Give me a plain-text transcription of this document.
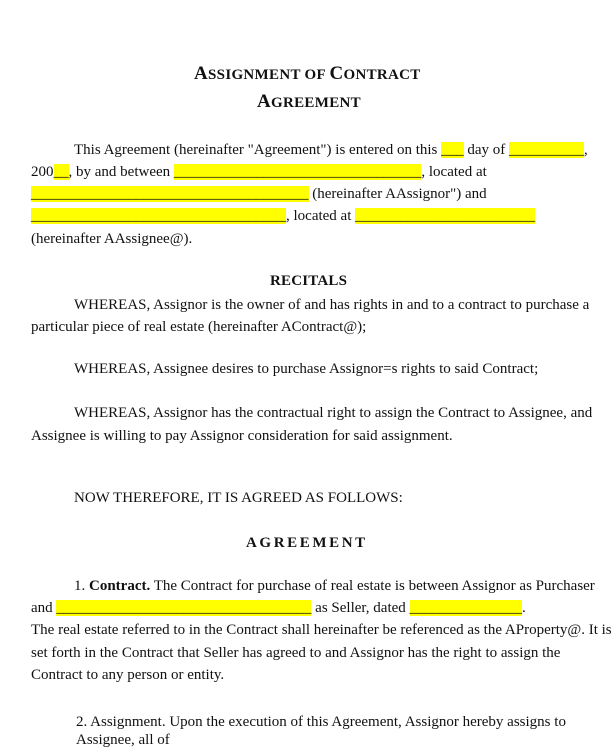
ASSIGNMENT OF CONTRACT
AGREEMENT
This Agreement (hereinafter "Agreement") is entered on this ___ day of __________,
200__, by and between _________________________________, located at
_____________________________________ (hereinafter AAssignor") and
__________________________________, located at ________________________
(hereinafter AAssignee@).
RECITALS
WHEREAS, Assignor is the owner of and has rights in and to a contract to purchase a
particular piece of real estate (hereinafter AContract@);
WHEREAS, Assignee desires to purchase Assignor=s rights to said Contract;
WHEREAS, Assignor has the contractual right to assign the Contract to Assignee, and
Assignee is willing to pay Assignor consideration for said assignment.
NOW THEREFORE, IT IS AGREED AS FOLLOWS:
AGREEMENT
1. Contract. The Contract for purchase of real estate is between Assignor as Purchaser
and __________________________________ as Seller, dated _______________.
The real estate referred to in the Contract shall hereinafter be referenced as the AProperty@. It is
set forth in the Contract that Seller has agreed to and Assignor has the right to assign the
Contract to any person or entity.
2. Assignment. Upon the execution of this Agreement, Assignor hereby assigns to Assignee, all of
